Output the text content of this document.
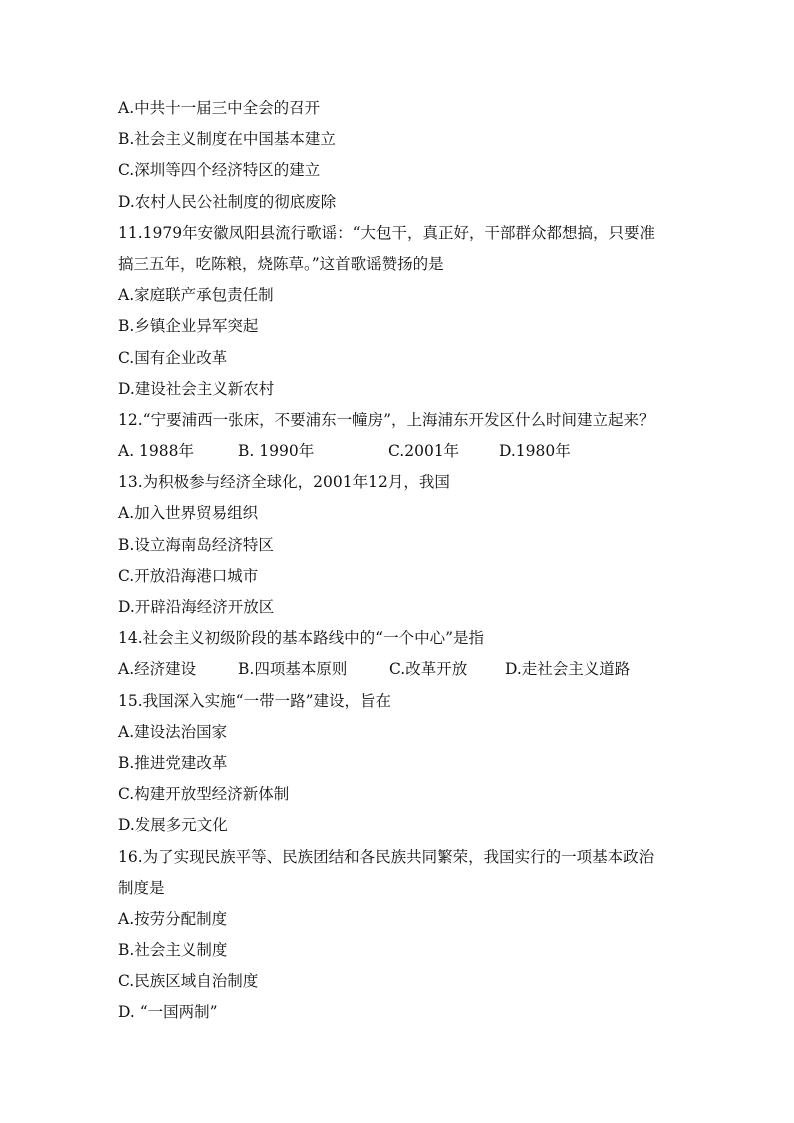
A.中共十一届三中全会的召开
B.社会主义制度在中国基本建立
C.深圳等四个经济特区的建立
D.农村人民公社制度的彻底废除
11.1979年安徽凤阳县流行歌谣：“大包干，真正好，干部群众都想搞，只要准
搞三五年，吃陈粮，烧陈草。”这首歌谣赞扬的是
A.家庭联产承包责任制
B.乡镇企业异军突起
C.国有企业改革
D.建设社会主义新农村
12.“宁要浦西一张床，不要浦东一幢房”，上海浦东开发区什么时间建立起来？
A. 1988年	B. 1990年	C.2001年	D.1980年
13.为积极参与经济全球化，2001年12月，我国
A.加入世界贸易组织
B.设立海南岛经济特区
C.开放沿海港口城市
D.开辟沿海经济开放区
14.社会主义初级阶段的基本路线中的“一个中心”是指
A.经济建设	B.四项基本原则	C.改革开放	D.走社会主义道路
15.我国深入实施“一带一路”建设，旨在
A.建设法治国家
B.推进党建改革
C.构建开放型经济新体制
D.发展多元文化
16.为了实现民族平等、民族团结和各民族共同繁荣，我国实行的一项基本政治
制度是
A.按劳分配制度
B.社会主义制度
C.民族区域自治制度
D. “一国两制”
